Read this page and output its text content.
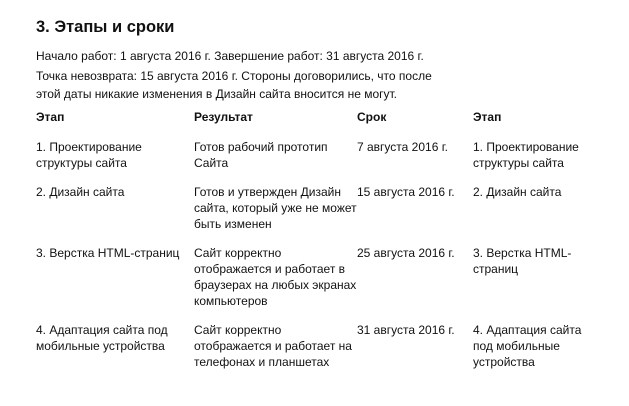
3. Этапы и сроки

Начало работ: 1 августа 2016 г. Завершение работ: 31 августа 2016 г.

Точка невозврата: 15 августа 2016 г. Стороны договорились, что после этой даты никакие изменения в Дизайн сайта вносится не могут.

Этап	Результат	Срок	Этап
1. Проектирование структуры сайта	Готов рабочий прототип Сайта	7 августа 2016 г.	1. Проектирование структуры сайта
2. Дизайн сайта	Готов и утвержден Дизайн сайта, который уже не может быть изменен	15 августа 2016 г.	2. Дизайн сайта
3. Верстка HTML-страниц	Сайт корректно отображается и работает в браузерах на любых экранах компьютеров	25 августа 2016 г.	3. Верстка HTML-страниц
4. Адаптация сайта под мобильные устройства	Сайт корректно отображается и работает на телефонах и планшетах	31 августа 2016 г.	4. Адаптация сайта под мобильные устройства
